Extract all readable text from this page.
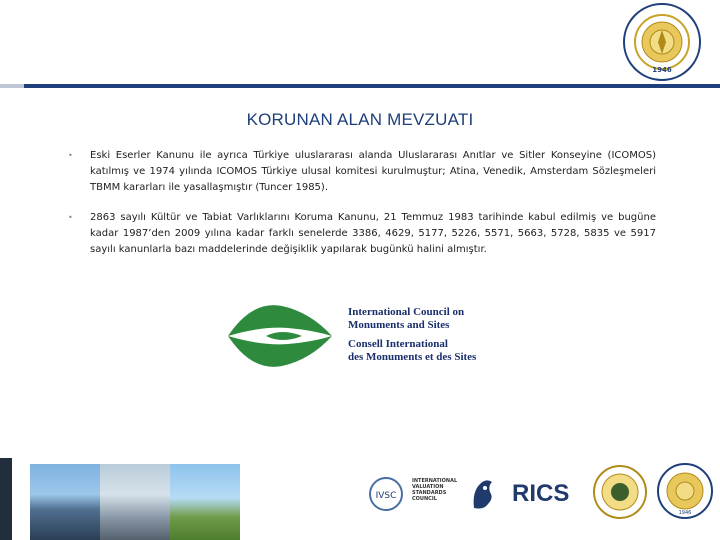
1946
KORUNAN ALAN MEVZUATI
• Eski Eserler Kanunu ile ayrıca Türkiye uluslararası alanda Uluslararası Anıtlar ve Sitler Konseyine (ICOMOS) katılmış ve 1974 yılında ICOMOS Türkiye ulusal komitesi kurulmuştur; Atina, Venedik, Amsterdam Sözleşmeleri TBMM kararları ile yasallaşmıştır (Tuncer 1985).
• 2863 sayılı Kültür ve Tabiat Varlıklarını Koruma Kanunu, 21 Temmuz 1983 tarihinde kabul edilmiş ve bugüne kadar 1987’den 2009 yılına kadar farklı senelerde 3386, 4629, 5177, 5226, 5571, 5663, 5728, 5835 ve 5917 sayılı kanunlarla bazı maddelerinde değişiklik yapılarak bugünkü halini almıştır.
International Council on
Monuments and Sites
Consell International
des Monuments et des Sites
IVSC
INTERNATIONAL
VALUATION
STANDARDS
COUNCIL	RICS
1946
